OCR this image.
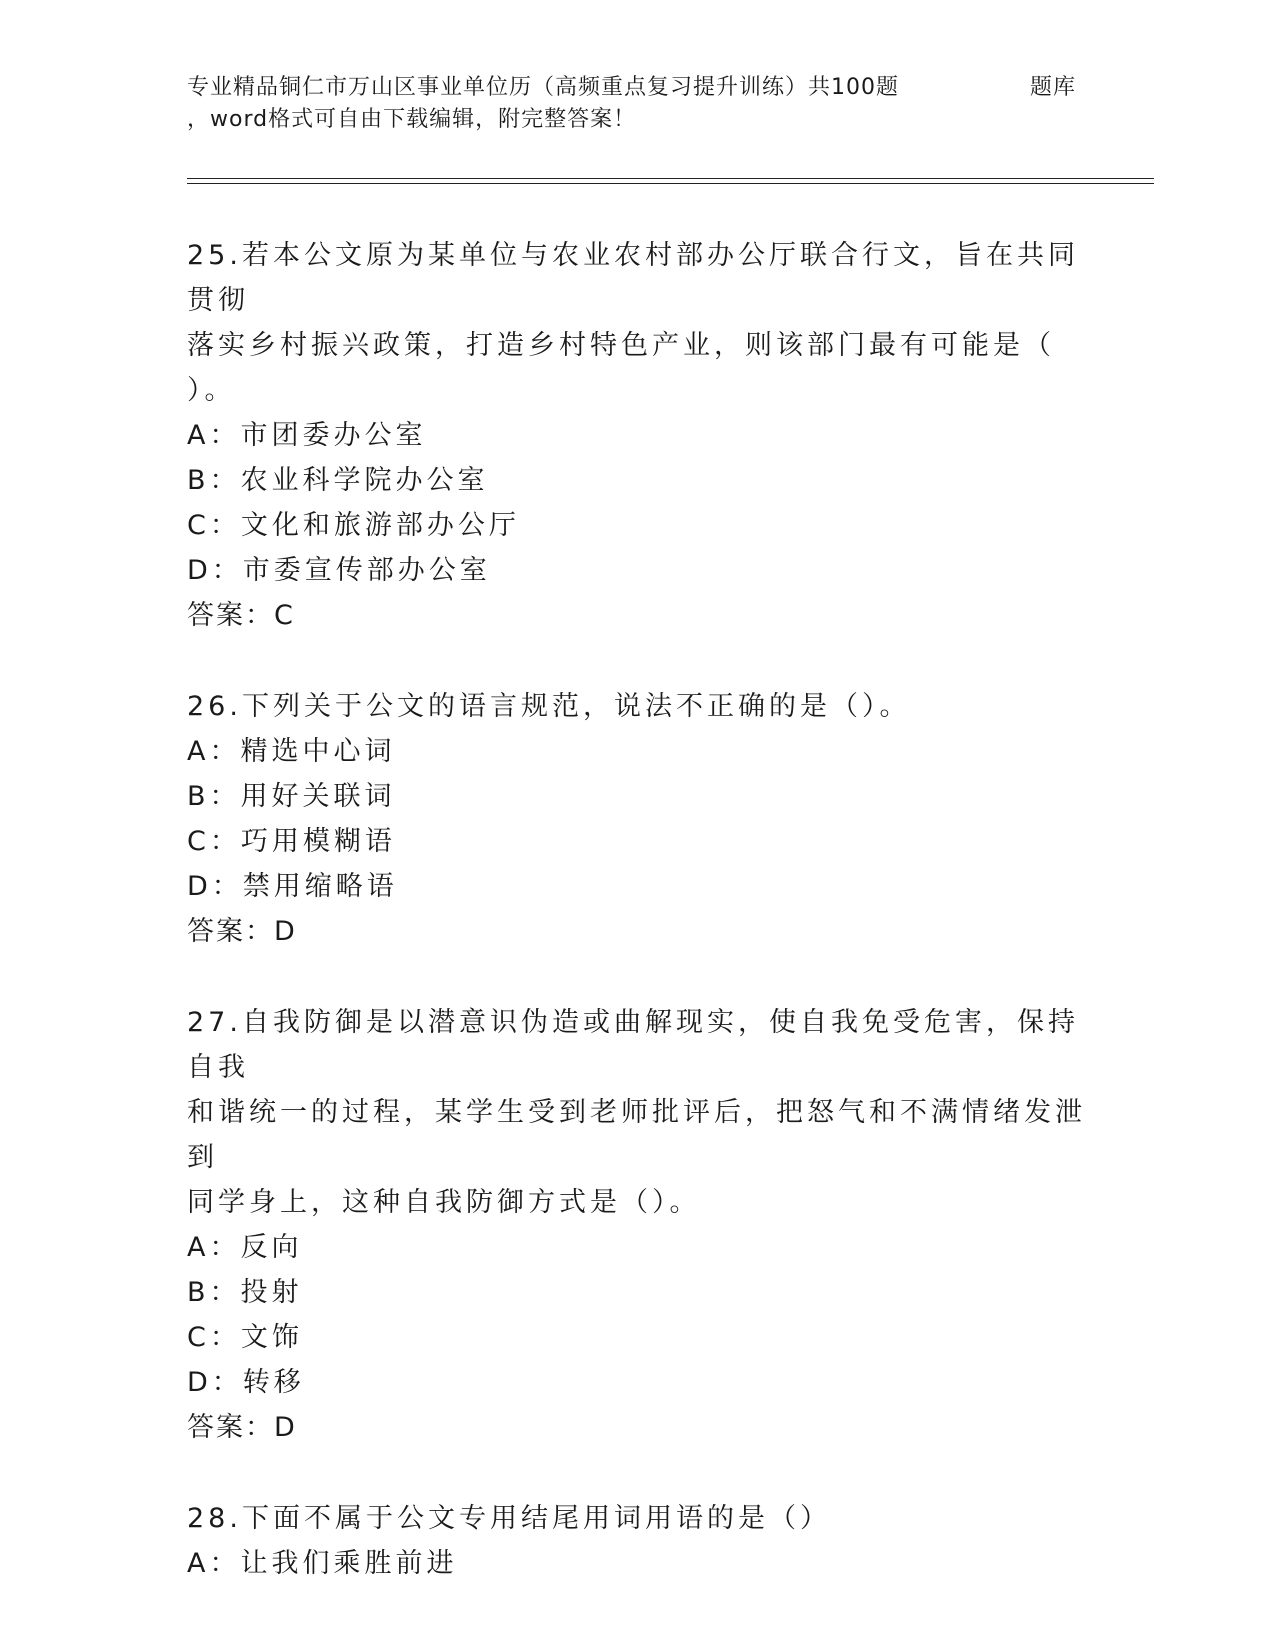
专业精品铜仁市万山区事业单位历（高频重点复习提升训练）共100题	题库
，word格式可自由下载编辑，附完整答案！
25.若本公文原为某单位与农业农村部办公厅联合行文，旨在共同贯彻
落实乡村振兴政策，打造乡村特色产业，则该部门最有可能是（
）。
A：市团委办公室
B：农业科学院办公室
C：文化和旅游部办公厅
D：市委宣传部办公室
答案：C
26.下列关于公文的语言规范，说法不正确的是（）。
A：精选中心词
B：用好关联词
C：巧用模糊语
D：禁用缩略语
答案：D
27.自我防御是以潜意识伪造或曲解现实，使自我免受危害，保持自我
和谐统一的过程，某学生受到老师批评后，把怒气和不满情绪发泄到
同学身上，这种自我防御方式是（）。
A：反向
B：投射
C：文饰
D：转移
答案：D
28.下面不属于公文专用结尾用词用语的是（）
A：让我们乘胜前进
